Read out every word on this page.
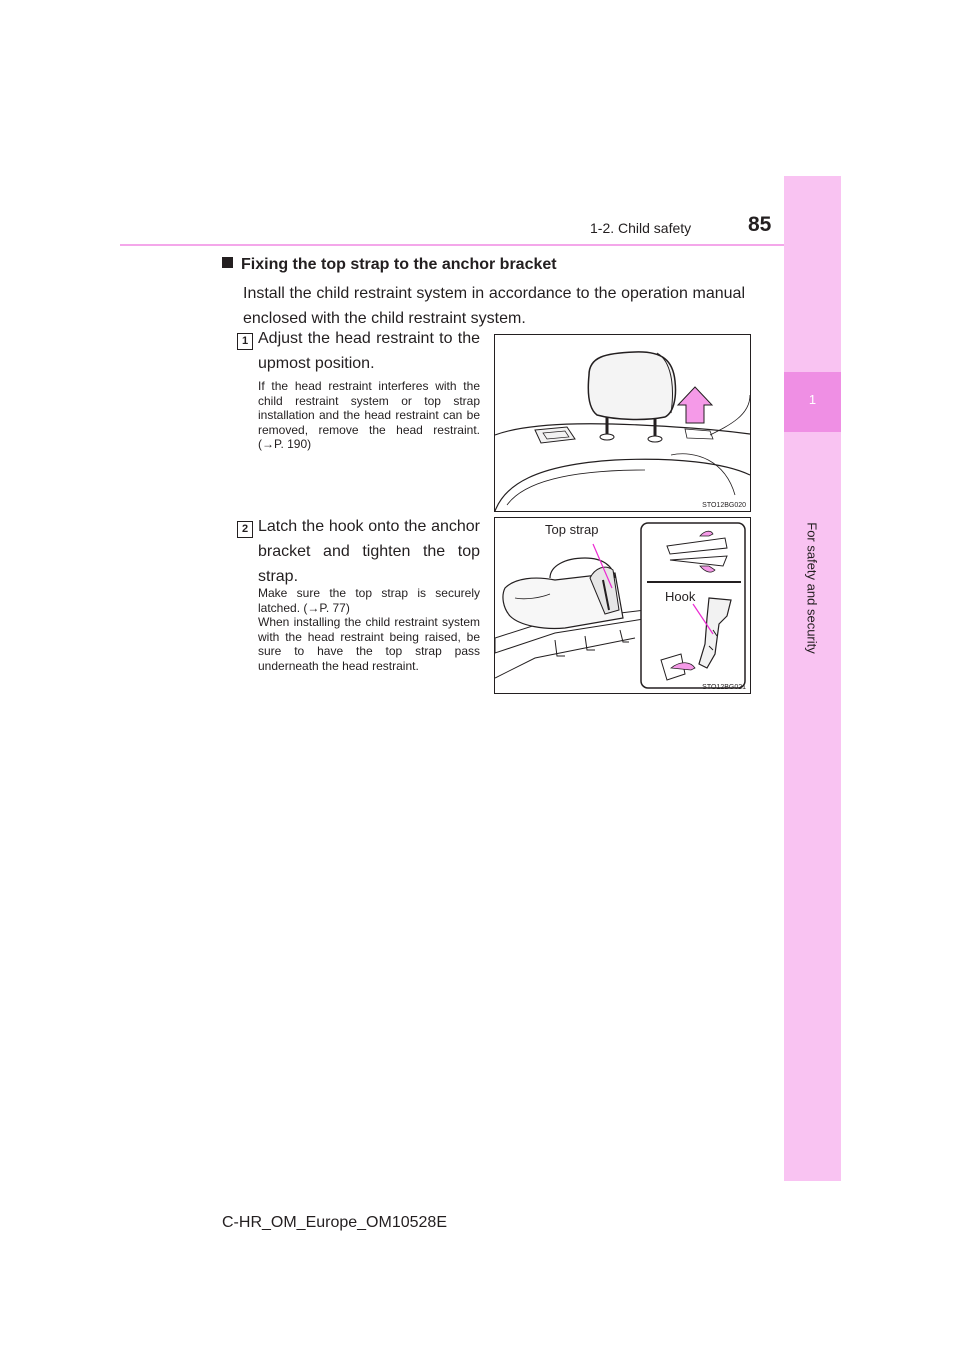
1
For safety and security
1-2. Child safety	85
Fixing the top strap to the anchor bracket
Install the child restraint system in accordance to the operation manual enclosed with the child restraint system.
1 Adjust the head restraint to the upmost position.
If the head restraint interferes with the child restraint system or top strap installation and the head restraint can be removed, remove the head restraint. (→P. 190)
STO12BG020
2 Latch the hook onto the anchor bracket and tighten the top strap.
Make sure the top strap is securely latched. (→P. 77)
When installing the child restraint system with the head restraint being raised, be sure to have the top strap pass underneath the head restraint.
Top strap
Hook
STO12BG021
C-HR_OM_Europe_OM10528E
